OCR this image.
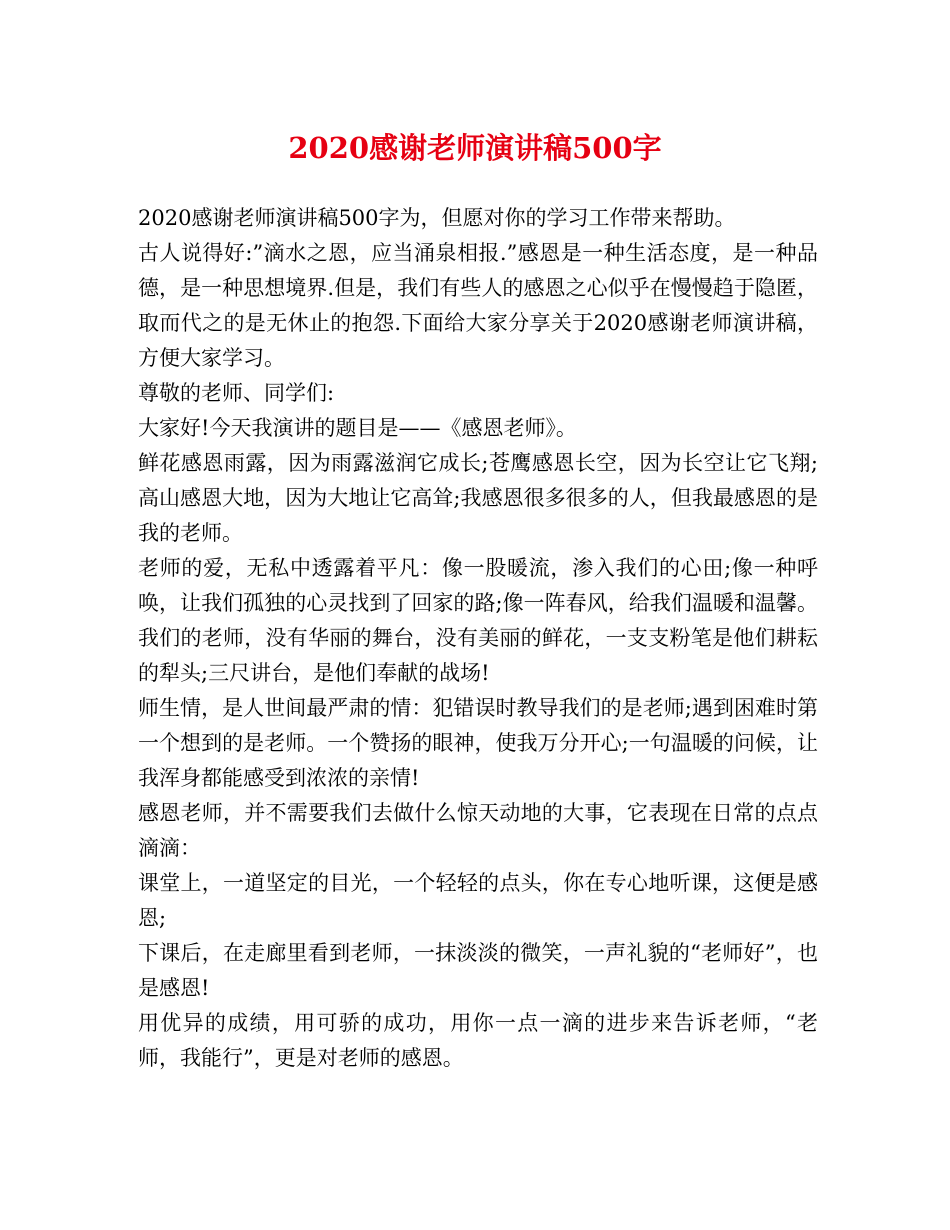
2020感谢老师演讲稿500字

2020感谢老师演讲稿500字为，但愿对你的学习工作带来帮助。

古人说得好:”滴水之恩，应当涌泉相报.”感恩是一种生活态度，是一种品德，是一种思想境界.但是，我们有些人的感恩之心似乎在慢慢趋于隐匿，取而代之的是无休止的抱怨.下面给大家分享关于2020感谢老师演讲稿，方便大家学习。

尊敬的老师、同学们:

大家好!今天我演讲的题目是——《感恩老师》。

鲜花感恩雨露，因为雨露滋润它成长;苍鹰感恩长空，因为长空让它飞翔;高山感恩大地，因为大地让它高耸;我感恩很多很多的人，但我最感恩的是我的老师。

老师的爱，无私中透露着平凡：像一股暖流，渗入我们的心田;像一种呼唤，让我们孤独的心灵找到了回家的路;像一阵春风，给我们温暖和温馨。我们的老师，没有华丽的舞台，没有美丽的鲜花，一支支粉笔是他们耕耘的犁头;三尺讲台，是他们奉献的战场!

师生情，是人世间最严肃的情：犯错误时教导我们的是老师;遇到困难时第一个想到的是老师。一个赞扬的眼神，使我万分开心;一句温暖的问候，让我浑身都能感受到浓浓的亲情!

感恩老师，并不需要我们去做什么惊天动地的大事，它表现在日常的点点滴滴：

课堂上，一道坚定的目光，一个轻轻的点头，你在专心地听课，这便是感恩;

下课后，在走廊里看到老师，一抹淡淡的微笑，一声礼貌的“老师好”，也是感恩!

用优异的成绩，用可骄的成功，用你一点一滴的进步来告诉老师，“老师，我能行”，更是对老师的感恩。
